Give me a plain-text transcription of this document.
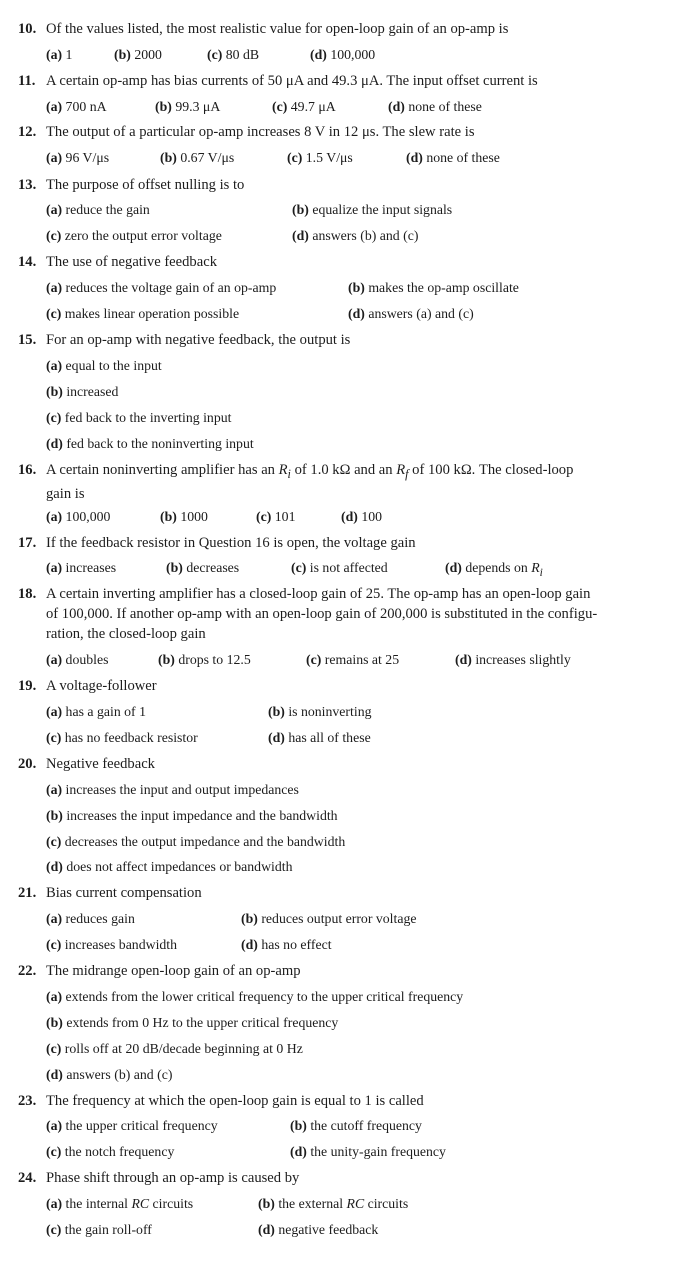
10. Of the values listed, the most realistic value for open-loop gain of an op-amp is
(a) 1	(b) 2000	(c) 80 dB	(d) 100,000
11. A certain op-amp has bias currents of 50 μA and 49.3 μA. The input offset current is
(a) 700 nA	(b) 99.3 μA	(c) 49.7 μA	(d) none of these
12. The output of a particular op-amp increases 8 V in 12 μs. The slew rate is
(a) 96 V/μs	(b) 0.67 V/μs	(c) 1.5 V/μs	(d) none of these
13. The purpose of offset nulling is to
(a) reduce the gain	(b) equalize the input signals
(c) zero the output error voltage	(d) answers (b) and (c)
14. The use of negative feedback
(a) reduces the voltage gain of an op-amp	(b) makes the op-amp oscillate
(c) makes linear operation possible	(d) answers (a) and (c)
15. For an op-amp with negative feedback, the output is
(a) equal to the input
(b) increased
(c) fed back to the inverting input
(d) fed back to the noninverting input
16. A certain noninverting amplifier has an $R_i$ of 1.0 kΩ and an $R_f$ of 100 kΩ. The closed-loop
gain is
(a) 100,000	(b) 1000	(c) 101	(d) 100
17. If the feedback resistor in Question 16 is open, the voltage gain
(a) increases	(b) decreases	(c) is not affected	(d) depends on $R_i$
18. A certain inverting amplifier has a closed-loop gain of 25. The op-amp has an open-loop gain
of 100,000. If another op-amp with an open-loop gain of 200,000 is substituted in the configu-
ration, the closed-loop gain
(a) doubles	(b) drops to 12.5	(c) remains at 25	(d) increases slightly
19. A voltage-follower
(a) has a gain of 1	(b) is noninverting
(c) has no feedback resistor	(d) has all of these
20. Negative feedback
(a) increases the input and output impedances
(b) increases the input impedance and the bandwidth
(c) decreases the output impedance and the bandwidth
(d) does not affect impedances or bandwidth
21. Bias current compensation
(a) reduces gain	(b) reduces output error voltage
(c) increases bandwidth	(d) has no effect
22. The midrange open-loop gain of an op-amp
(a) extends from the lower critical frequency to the upper critical frequency
(b) extends from 0 Hz to the upper critical frequency
(c) rolls off at 20 dB/decade beginning at 0 Hz
(d) answers (b) and (c)
23. The frequency at which the open-loop gain is equal to 1 is called
(a) the upper critical frequency	(b) the cutoff frequency
(c) the notch frequency	(d) the unity-gain frequency
24. Phase shift through an op-amp is caused by
(a) the internal RC circuits	(b) the external RC circuits
(c) the gain roll-off	(d) negative feedback
